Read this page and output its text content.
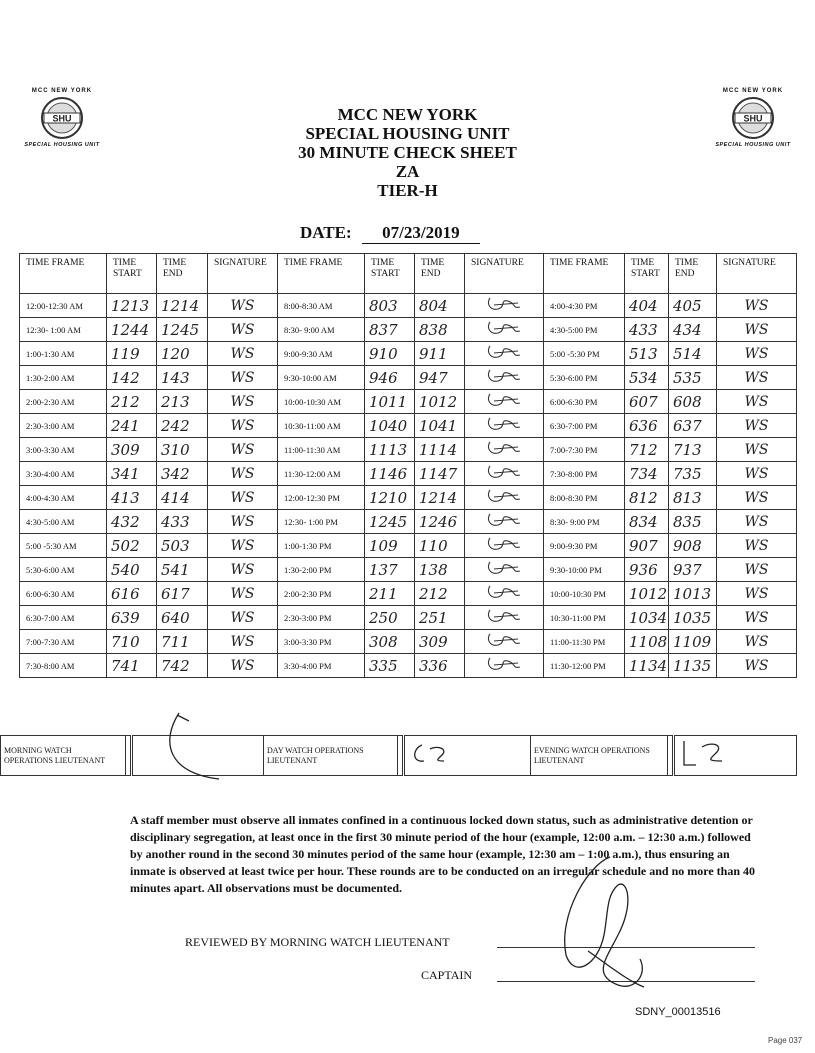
MCC NEW YORK
SHU
SPECIAL HOUSING UNIT
MCC NEW YORK
SHU
SPECIAL HOUSING UNIT
MCC NEW YORK
SPECIAL HOUSING UNIT
30 MINUTE CHECK SHEET
ZA
TIER-H
DATE: 07/23/2019
TIME FRAME	TIME START	TIME END	SIGNATURE	TIME FRAME	TIME START	TIME END	SIGNATURE	TIME FRAME	TIME START	TIME END	SIGNATURE
12:00-12:30 AM	1213	1214	WS	8:00-8:30 AM	803	804		4:00-4:30 PM	404	405	WS
12:30- 1:00 AM	1244	1245	WS	8:30- 9:00 AM	837	838		4:30-5:00 PM	433	434	WS
1:00-1:30 AM	119	120	WS	9:00-9:30 AM	910	911		5:00 -5:30 PM	513	514	WS
1:30-2:00 AM	142	143	WS	9:30-10:00 AM	946	947		5:30-6:00 PM	534	535	WS
2:00-2:30 AM	212	213	WS	10:00-10:30 AM	1011	1012		6:00-6:30 PM	607	608	WS
2:30-3:00 AM	241	242	WS	10:30-11:00 AM	1040	1041		6:30-7:00 PM	636	637	WS
3:00-3:30 AM	309	310	WS	11:00-11:30 AM	1113	1114		7:00-7:30 PM	712	713	WS
3:30-4:00 AM	341	342	WS	11:30-12:00 AM	1146	1147		7:30-8:00 PM	734	735	WS
4:00-4:30 AM	413	414	WS	12:00-12:30 PM	1210	1214		8:00-8:30 PM	812	813	WS
4:30-5:00 AM	432	433	WS	12:30- 1:00 PM	1245	1246		8:30- 9:00 PM	834	835	WS
5:00 -5:30 AM	502	503	WS	1:00-1:30 PM	109	110		9:00-9:30 PM	907	908	WS
5:30-6:00 AM	540	541	WS	1:30-2:00 PM	137	138		9:30-10:00 PM	936	937	WS
6:00-6:30 AM	616	617	WS	2:00-2:30 PM	211	212		10:00-10:30 PM	1012	1013	WS
6:30-7:00 AM	639	640	WS	2:30-3:00 PM	250	251		10:30-11:00 PM	1034	1035	WS
7:00-7:30 AM	710	711	WS	3:00-3:30 PM	308	309		11:00-11:30 PM	1108	1109	WS
7:30-8:00 AM	741	742	WS	3:30-4:00 PM	335	336		11:30-12:00 PM	1134	1135	WS
MORNING WATCH OPERATIONS LIEUTENANT		
	DAY WATCH OPERATIONS LIEUTENANT			EVENING WATCH OPERATIONS LIEUTENANT		
A staff member must observe all inmates confined in a continuous locked down status, such as administrative detention or disciplinary segregation, at least once in the first 30 minute period of the hour (example, 12:00 a.m. – 12:30 a.m.) followed by another round in the second 30 minutes period of the same hour (example, 12:30 am – 1:00 a.m.), thus ensuring an inmate is observed at least twice per hour. These rounds are to be conducted on an irregular schedule and no more than 40 minutes apart. All observations must be documented.
REVIEWED BY MORNING WATCH LIEUTENANT
CAPTAIN
SDNY_00013516
Page 037
